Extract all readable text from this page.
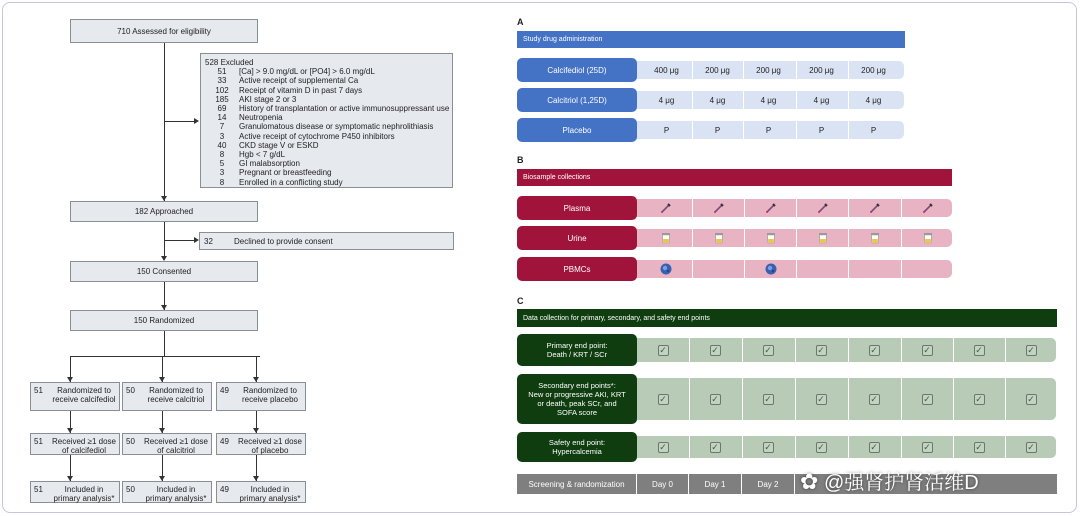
710 Assessed for eligibility
528 Excluded
51	[Ca] > 9.0 mg/dL or [PO4] > 6.0 mg/dL
33	Active receipt of supplemental Ca
102	Receipt of vitamin D in past 7 days
185	AKI stage 2 or 3
69	History of transplantation or active immunosuppressant use
14	Neutropenia
7	Granulomatous disease or symptomatic nephrolithiasis
3	Active receipt of cytochrome P450 inhibitors
40	CKD stage V or ESKD
8	Hgb < 7 g/dL
5	GI malabsorption
3	Pregnant or breastfeeding
8	Enrolled in a conflicting study
182 Approached
32	Declined to provide consent
150 Consented
150 Randomized
51	Randomized to receive calcifediol
51	Received ≥1 dose of calcifediol
51	Included in primary analysis*
50	Randomized to receive calcitriol
50	Received ≥1 dose of calcitriol
50	Included in primary analysis*
49	Randomized to receive placebo
49	Received ≥1 dose of placebo
49	Included in primary analysis*
A
Study drug administration
Calcifediol (25D)	400 μg	200 μg	200 μg	200 μg	200 μg
Calcitriol (1,25D)	4 μg	4 μg	4 μg	4 μg	4 μg
Placebo	P	P	P	P	P
B
Biosample collections
Plasma
Urine
PBMCs
C
Data collection for primary, secondary, and safety end points
Primary end point:
Death / KRT / SCr	✓	✓	✓	✓	✓	✓	✓	✓
Secondary end points*:
New or progressive AKI, KRT
or death, peak SCr, and
SOFA score
✓	✓	✓	✓	✓	✓	✓	✓
Safety end point:
Hypercalcemia	✓	✓	✓	✓	✓	✓	✓	✓
Screening & randomization	Day 0	Day 1	Day 2 ✿ @强肾护肾活维D
